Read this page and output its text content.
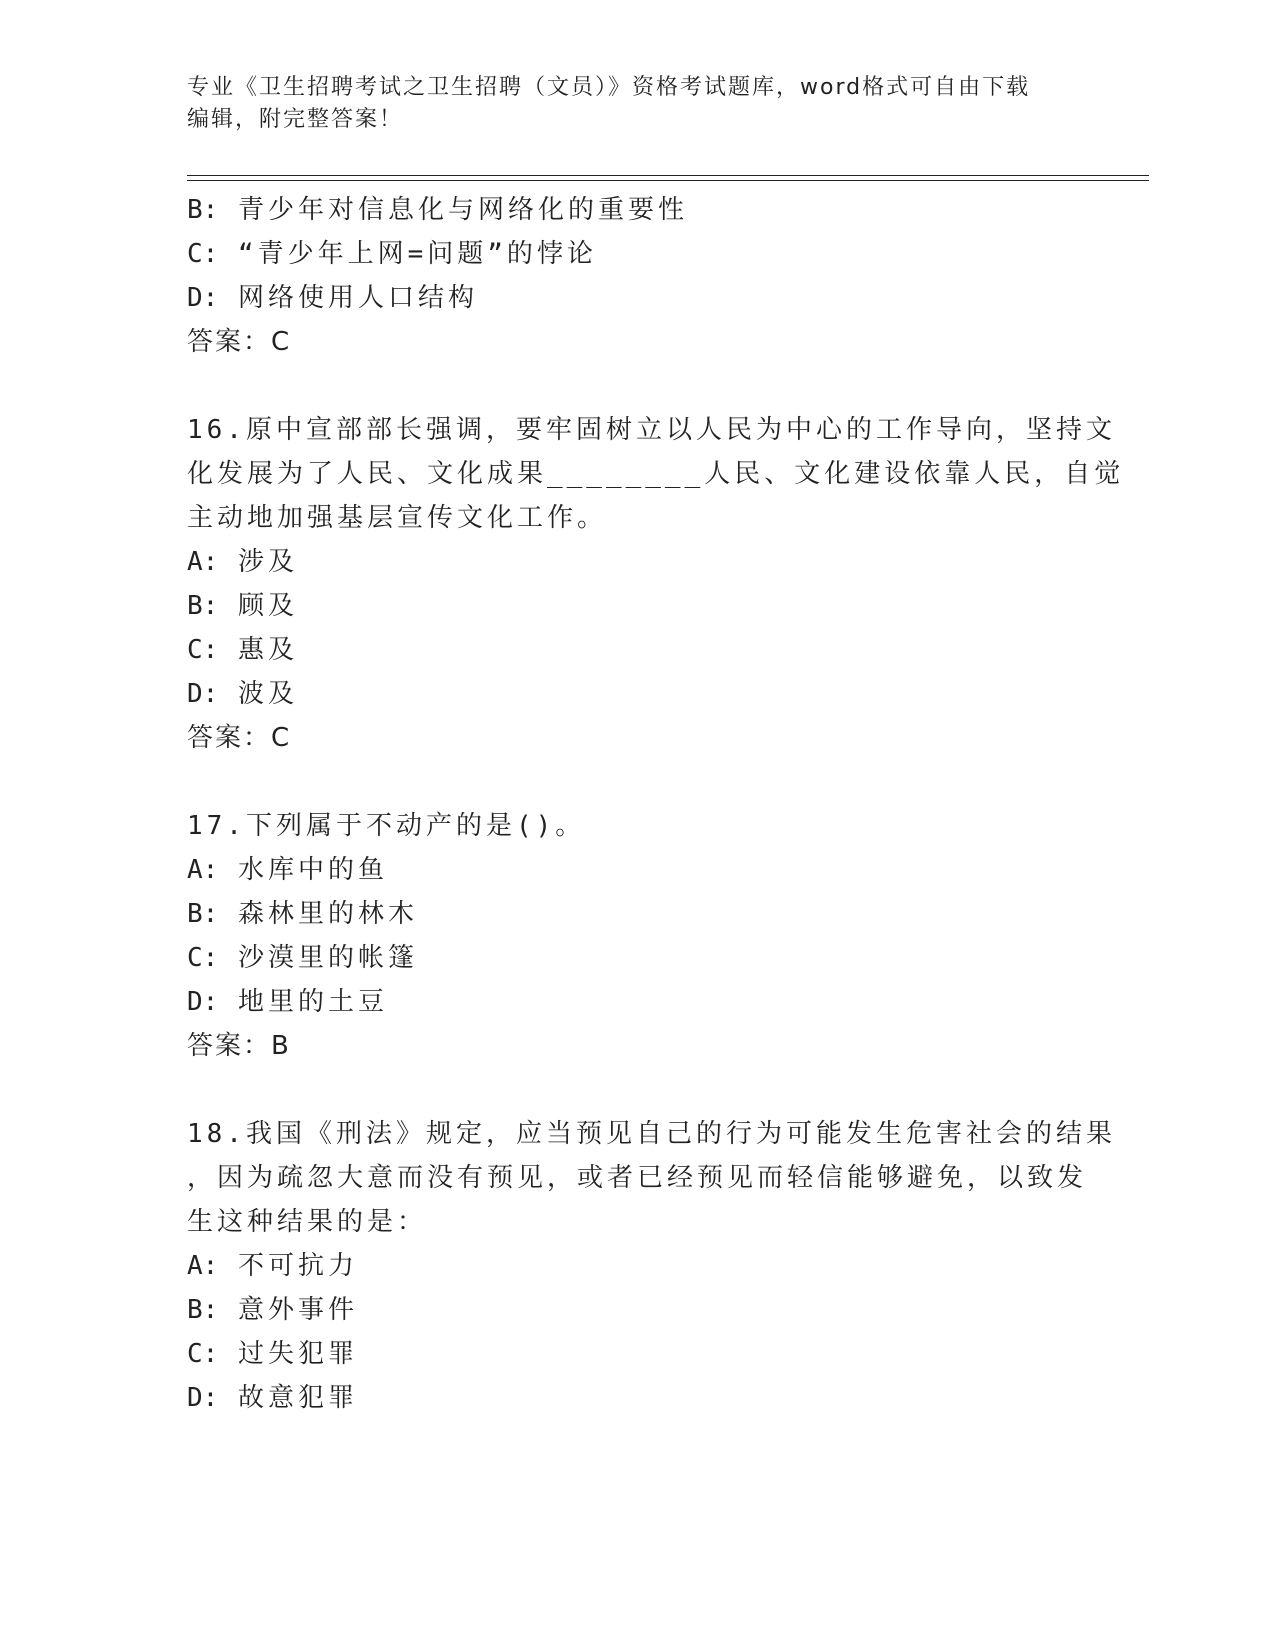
专业《卫生招聘考试之卫生招聘（文员）》资格考试题库，word格式可自由下载
编辑，附完整答案！
B: 青少年对信息化与网络化的重要性
C: “青少年上网=问题”的悖论
D: 网络使用人口结构
答案：C
16.原中宣部部长强调，要牢固树立以人民为中心的工作导向，坚持文
化发展为了人民、文化成果________人民、文化建设依靠人民，自觉
主动地加强基层宣传文化工作。
A: 涉及
B: 顾及
C: 惠及
D: 波及
答案：C
17.下列属于不动产的是()。
A: 水库中的鱼
B: 森林里的林木
C: 沙漠里的帐篷
D: 地里的土豆
答案：B
18.我国《刑法》规定，应当预见自己的行为可能发生危害社会的结果
，因为疏忽大意而没有预见，或者已经预见而轻信能够避免，以致发
生这种结果的是：
A: 不可抗力
B: 意外事件
C: 过失犯罪
D: 故意犯罪
